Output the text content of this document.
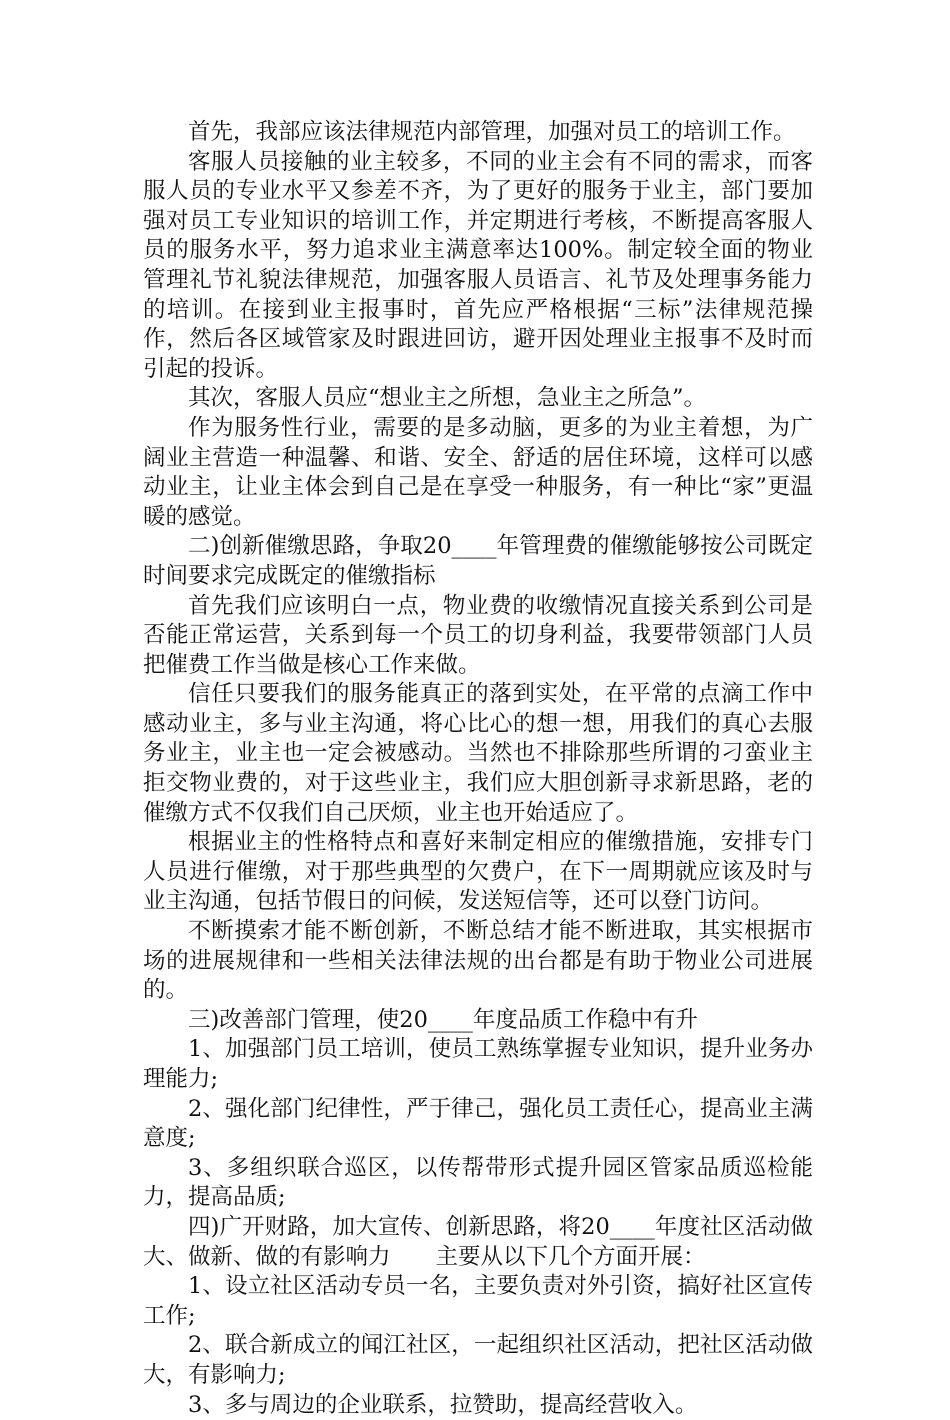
首先，我部应该法律规范内部管理，加强对员工的培训工作。

客服人员接触的业主较多，不同的业主会有不同的需求，而客服人员的专业水平又参差不齐，为了更好的服务于业主，部门要加强对员工专业知识的培训工作，并定期进行考核，不断提高客服人员的服务水平，努力追求业主满意率达100%。制定较全面的物业管理礼节礼貌法律规范，加强客服人员语言、礼节及处理事务能力的培训。在接到业主报事时，首先应严格根据“三标”法律规范操作，然后各区域管家及时跟进回访，避开因处理业主报事不及时而引起的投诉。

其次，客服人员应“想业主之所想，急业主之所急”。

作为服务性行业，需要的是多动脑，更多的为业主着想，为广阔业主营造一种温馨、和谐、安全、舒适的居住环境，这样可以感动业主，让业主体会到自己是在享受一种服务，有一种比“家”更温暖的感觉。

二)创新催缴思路，争取20____年管理费的催缴能够按公司既定时间要求完成既定的催缴指标

首先我们应该明白一点，物业费的收缴情况直接关系到公司是否能正常运营，关系到每一个员工的切身利益，我要带领部门人员把催费工作当做是核心工作来做。

信任只要我们的服务能真正的落到实处，在平常的点滴工作中感动业主，多与业主沟通，将心比心的想一想，用我们的真心去服务业主，业主也一定会被感动。当然也不排除那些所谓的刁蛮业主拒交物业费的，对于这些业主，我们应大胆创新寻求新思路，老的催缴方式不仅我们自己厌烦，业主也开始适应了。

根据业主的性格特点和喜好来制定相应的催缴措施，安排专门人员进行催缴，对于那些典型的欠费户，在下一周期就应该及时与业主沟通，包括节假日的问候，发送短信等，还可以登门访问。

不断摸索才能不断创新，不断总结才能不断进取，其实根据市场的进展规律和一些相关法律法规的出台都是有助于物业公司进展的。

三)改善部门管理，使20____年度品质工作稳中有升

1、加强部门员工培训，使员工熟练掌握专业知识，提升业务办理能力;

2、强化部门纪律性，严于律己，强化员工责任心，提高业主满意度;

3、多组织联合巡区，以传帮带形式提升园区管家品质巡检能力，提高品质;

四)广开财路，加大宣传、创新思路，将20____年度社区活动做大、做新、做的有影响力　　主要从以下几个方面开展：

1、设立社区活动专员一名，主要负责对外引资，搞好社区宣传工作;

2、联合新成立的闻江社区，一起组织社区活动，把社区活动做大，有影响力;

3、多与周边的企业联系，拉赞助，提高经营收入。
